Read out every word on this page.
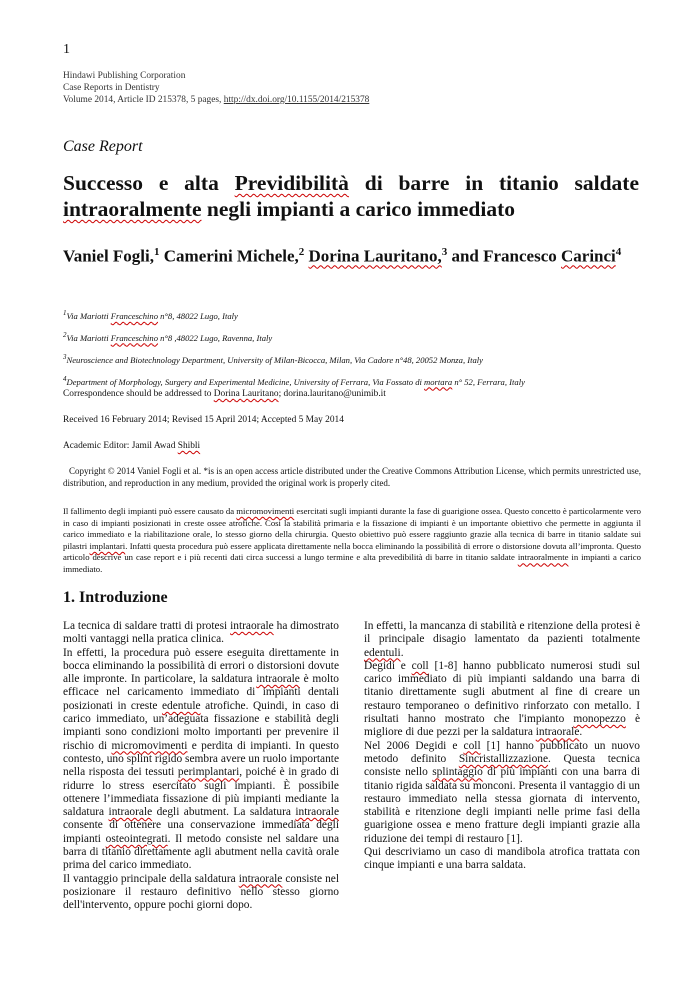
1
Hindawi Publishing Corporation
Case Reports in Dentistry
Volume 2014, Article ID 215378, 5 pages, http://dx.doi.org/10.1155/2014/215378
Case Report
Successo e alta Previdibilità di barre in titanio saldate intraoralmente negli impianti a carico immediato
Vaniel Fogli,$^1$ Camerini Michele,$^2$ Dorina Lauritano,$^3$ and Francesco Carinci$^4$
$^1$Via Mariotti Franceschino n°8, 48022 Lugo, Italy
$^2$Via Mariotti Franceschino n°8 ,48022 Lugo, Ravenna, Italy
$^3$Neuroscience and Biotechnology Department, University of Milan-Bicocca, Milan, Via Cadore n°48, 20052 Monza, Italy
$^4$Department of Morphology, Surgery and Experimental Medicine, University of Ferrara, Via Fossato di mortara n° 52, Ferrara, Italy
Correspondence should be addressed to Dorina Lauritano; dorina.lauritano@unimib.it
Received 16 February 2014; Revised 15 April 2014; Accepted 5 May 2014
Academic Editor: Jamil Awad Shibli
Copyright © 2014 Vaniel Fogli et al. *is is an open access article distributed under the Creative Commons Attribution License, which permits unrestricted use, distribution, and reproduction in any medium, provided the original work is properly cited.
Il fallimento degli impianti può essere causato da micromovimenti esercitati sugli impianti durante la fase di guarigione ossea. Questo concetto è particolarmente vero in caso di impianti posizionati in creste ossee atrofiche. Cosi la stabilità primaria e la fissazione di impianti è un importante obiettivo che permette in aggiunta il carico immediato e la riabilitazione orale, lo stesso giorno della chirurgia. Questo obiettivo può essere raggiunto grazie alla tecnica di barre in titanio saldate sui pilastri implantari. Infatti questa procedura può essere applicata direttamente nella bocca eliminando la possibilità di errore o distorsione dovuta all’impronta. Questo articolo descrive un case report e i più recenti dati circa successi a lungo termine e alta prevedibilità di barre in titanio saldate intraoralmente in impianti a carico immediato.
1. Introduzione

La tecnica di saldare tratti di protesi intraorale ha dimostrato molti vantaggi nella pratica clinica.

In effetti, la procedura può essere eseguita direttamente in bocca eliminando la possibilità di errori o distorsioni dovute alle impronte. In particolare, la saldatura intraorale è molto efficace nel caricamento immediato di impianti dentali posizionati in creste edentule atrofiche. Quindi, in caso di carico immediato, un’adeguata fissazione e stabilità degli impianti sono condizioni molto importanti per prevenire il rischio di micromovimenti e perdita di impianti. In questo contesto, uno splint rigido sembra avere un ruolo importante nella risposta dei tessuti perimplantari, poiché è in grado di ridurre lo stress esercitato sugli impianti. È possibile ottenere l’immediata fissazione di più impianti mediante la saldatura intraorale degli abutment. La saldatura intraorale consente di ottenere una conservazione immediata degli impianti osteointegrati. Il metodo consiste nel saldare una barra di titanio direttamente agli abutment nella cavità orale prima del carico immediato.

Il vantaggio principale della saldatura intraorale consiste nel posizionare il restauro definitivo nello stesso giorno dell'intervento, oppure pochi giorni dopo.

In effetti, la mancanza di stabilità e ritenzione della protesi è il principale disagio lamentato da pazienti totalmente edentuli.

Degidi e coll [1-8] hanno pubblicato numerosi studi sul carico immediato di più impianti saldando una barra di titanio direttamente sugli abutment al fine di creare un restauro temporaneo o definitivo rinforzato con metallo. I risultati hanno mostrato che l'impianto monopezzo è migliore di due pezzi per la saldatura intraorale.

Nel 2006 Degidi e coll [1] hanno pubblicato un nuovo metodo definito Sincristallizzazione. Questa tecnica consiste nello splintaggio di più impianti con una barra di titanio rigida saldata su monconi. Presenta il vantaggio di un restauro immediato nella stessa giornata di intervento, stabilità e ritenzione degli impianti nelle prime fasi della guarigione ossea e meno fratture degli impianti grazie alla riduzione dei tempi di restauro [1].

Qui descriviamo un caso di mandibola atrofica trattata con cinque impianti e una barra saldata.
